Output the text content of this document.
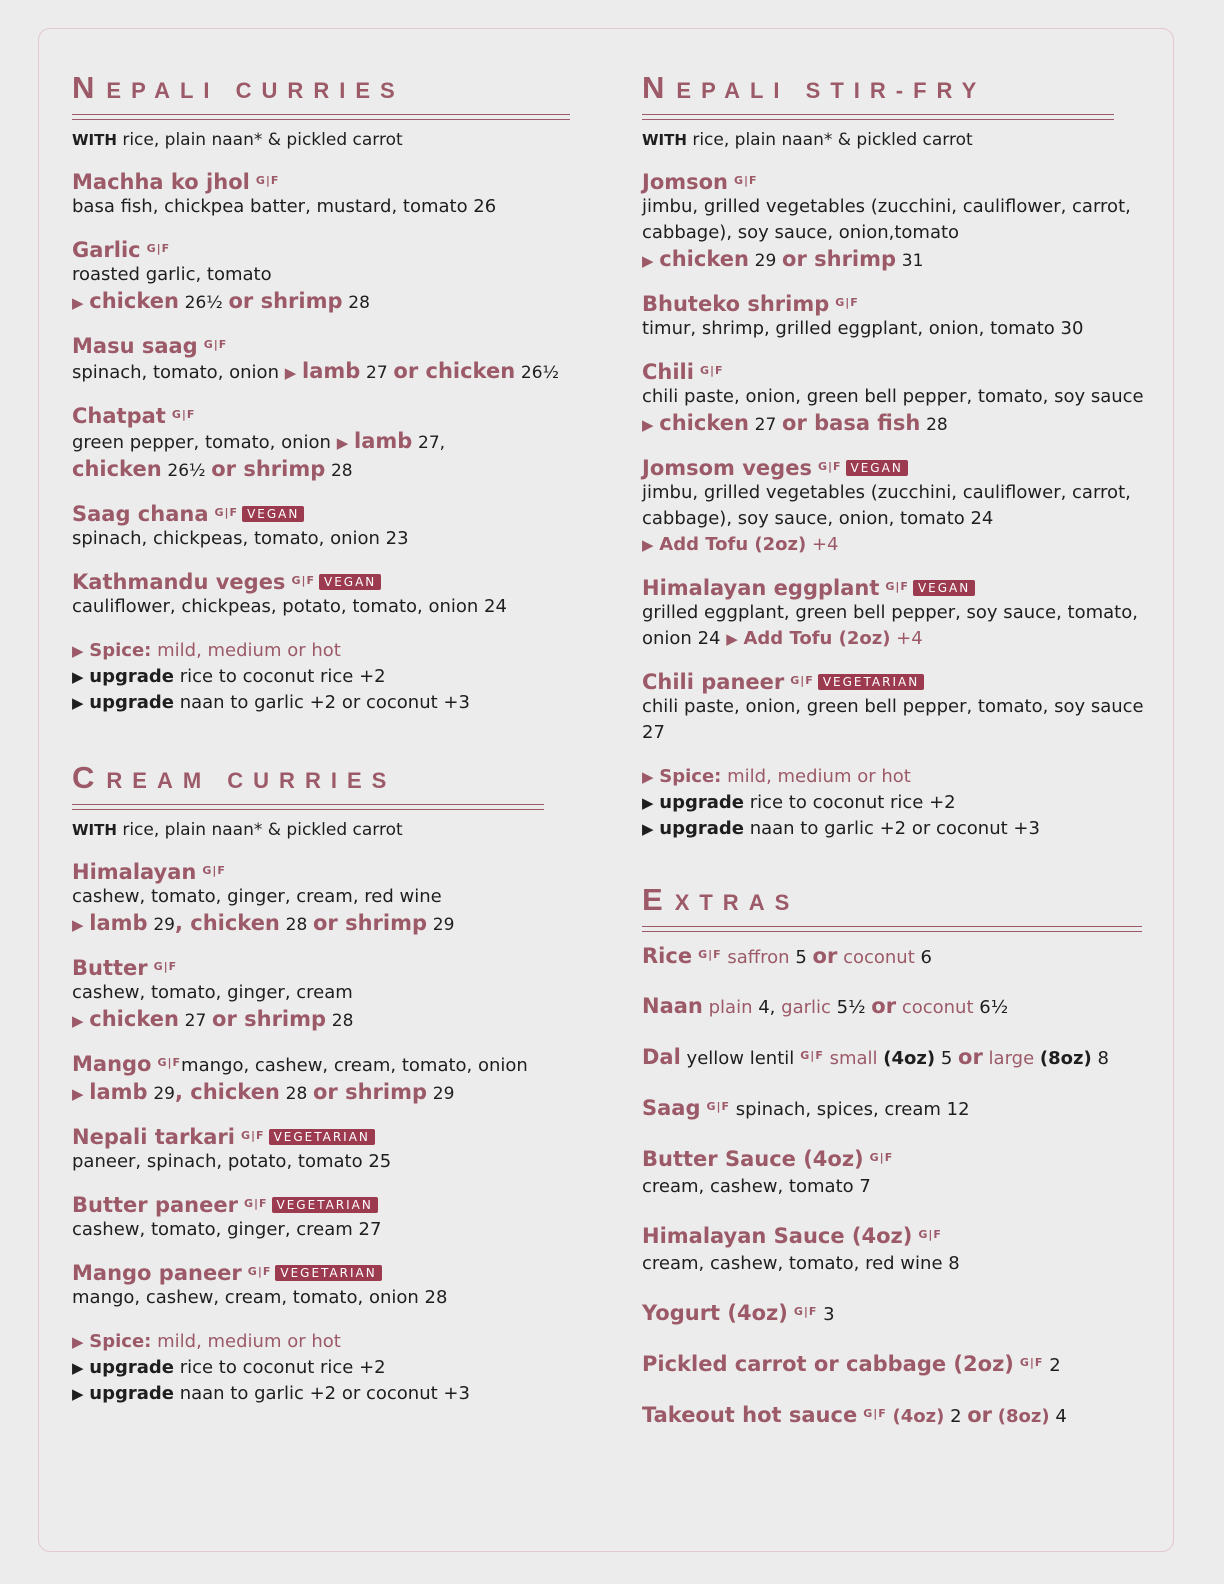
NEPALI CURRIES

WITH rice, plain naan* & pickled carrot

Machha ko jhol $^{G|F}$
basa fish, chickpea batter, mustard, tomato 26
Garlic $^{G|F}$
roasted garlic, tomato
▶ chicken 26½ or shrimp 28
Masu saag $^{G|F}$
spinach, tomato, onion ▶ lamb 27 or chicken 26½
Chatpat $^{G|F}$
green pepper, tomato, onion ▶ lamb 27,
chicken 26½ or shrimp 28
Saag chana $^{G|F}$ VEGAN
spinach, chickpeas, tomato, onion 23
Kathmandu veges $^{G|F}$ VEGAN
cauliflower, chickpeas, potato, tomato, onion 24
▶ Spice: mild, medium or hot
▶ upgrade rice to coconut rice +2
▶ upgrade naan to garlic +2 or coconut +3
CREAM CURRIES

WITH rice, plain naan* & pickled carrot

Himalayan $^{G|F}$
cashew, tomato, ginger, cream, red wine
▶ lamb 29, chicken 28 or shrimp 29
Butter $^{G|F}$
cashew, tomato, ginger, cream
▶ chicken 27 or shrimp 28
Mango $^{G|F}$mango, cashew, cream, tomato, onion
▶ lamb 29, chicken 28 or shrimp 29
Nepali tarkari $^{G|F}$ VEGETARIAN
paneer, spinach, potato, tomato 25
Butter paneer $^{G|F}$ VEGETARIAN
cashew, tomato, ginger, cream 27
Mango paneer $^{G|F}$ VEGETARIAN
mango, cashew, cream, tomato, onion 28
▶ Spice: mild, medium or hot
▶ upgrade rice to coconut rice +2
▶ upgrade naan to garlic +2 or coconut +3
NEPALI STIR-FRY

WITH rice, plain naan* & pickled carrot

Jomson $^{G|F}$
jimbu, grilled vegetables (zucchini, cauliflower, carrot, cabbage), soy sauce, onion,tomato
▶ chicken 29 or shrimp 31
Bhuteko shrimp $^{G|F}$
timur, shrimp, grilled eggplant, onion, tomato 30
Chili $^{G|F}$
chili paste, onion, green bell pepper, tomato, soy sauce ▶ chicken 27 or basa fish 28
Jomsom veges $^{G|F}$ VEGAN
jimbu, grilled vegetables (zucchini, cauliflower, carrot, cabbage), soy sauce, onion, tomato 24
▶ Add Tofu (2oz) +4
Himalayan eggplant $^{G|F}$ VEGAN
grilled eggplant, green bell pepper, soy sauce, tomato, onion 24 ▶ Add Tofu (2oz) +4
Chili paneer $^{G|F}$ VEGETARIAN
chili paste, onion, green bell pepper, tomato, soy sauce 27
▶ Spice: mild, medium or hot
▶ upgrade rice to coconut rice +2
▶ upgrade naan to garlic +2 or coconut +3
EXTRAS
Rice $^{G|F}$ saffron 5 or coconut 6
Naan plain 4, garlic 5½ or coconut 6½
Dal yellow lentil $^{G|F}$ small (4oz) 5 or large (8oz) 8
Saag $^{G|F}$ spinach, spices, cream 12
Butter Sauce (4oz) $^{G|F}$
cream, cashew, tomato 7
Himalayan Sauce (4oz) $^{G|F}$
cream, cashew, tomato, red wine 8
Yogurt (4oz) $^{G|F}$ 3
Pickled carrot or cabbage (2oz) $^{G|F}$ 2
Takeout hot sauce $^{G|F}$ (4oz) 2 or (8oz) 4
